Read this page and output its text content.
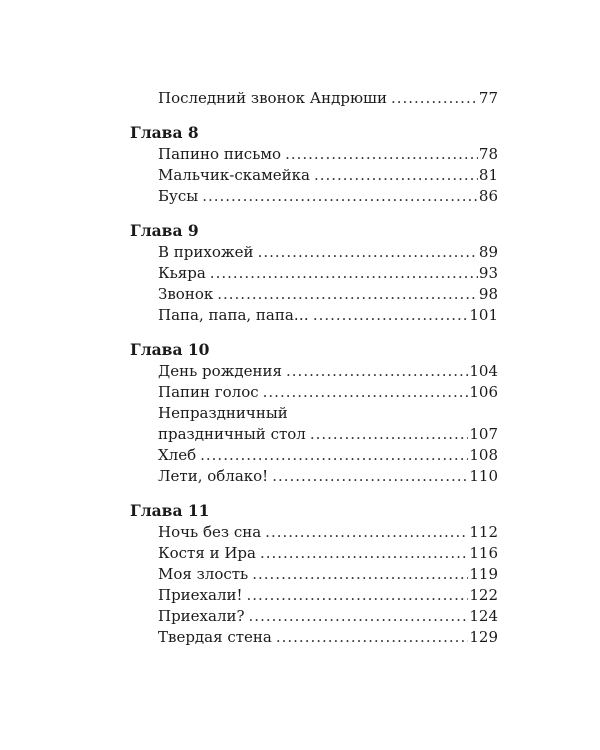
Последний звонок Андрюши .....	77
Глава 8
Папино письмо .....	78
Мальчик-скамейка .....	81
Бусы .....	86
Глава 9
В прихожей .....	89
Кьяра .....	93
Звонок .....	98
Папа, папа, папа… .....	101
Глава 10
День рождения .....	104
Папин голос .....	106
Непраздничный
праздничный стол .....	107
Хлеб .....	108
Лети, облако! .....	110
Глава 11
Ночь без сна .....	112
Костя и Ира .....	116
Моя злость .....	119
Приехали! .....	122
Приехали? .....	124
Твердая стена .....	129
